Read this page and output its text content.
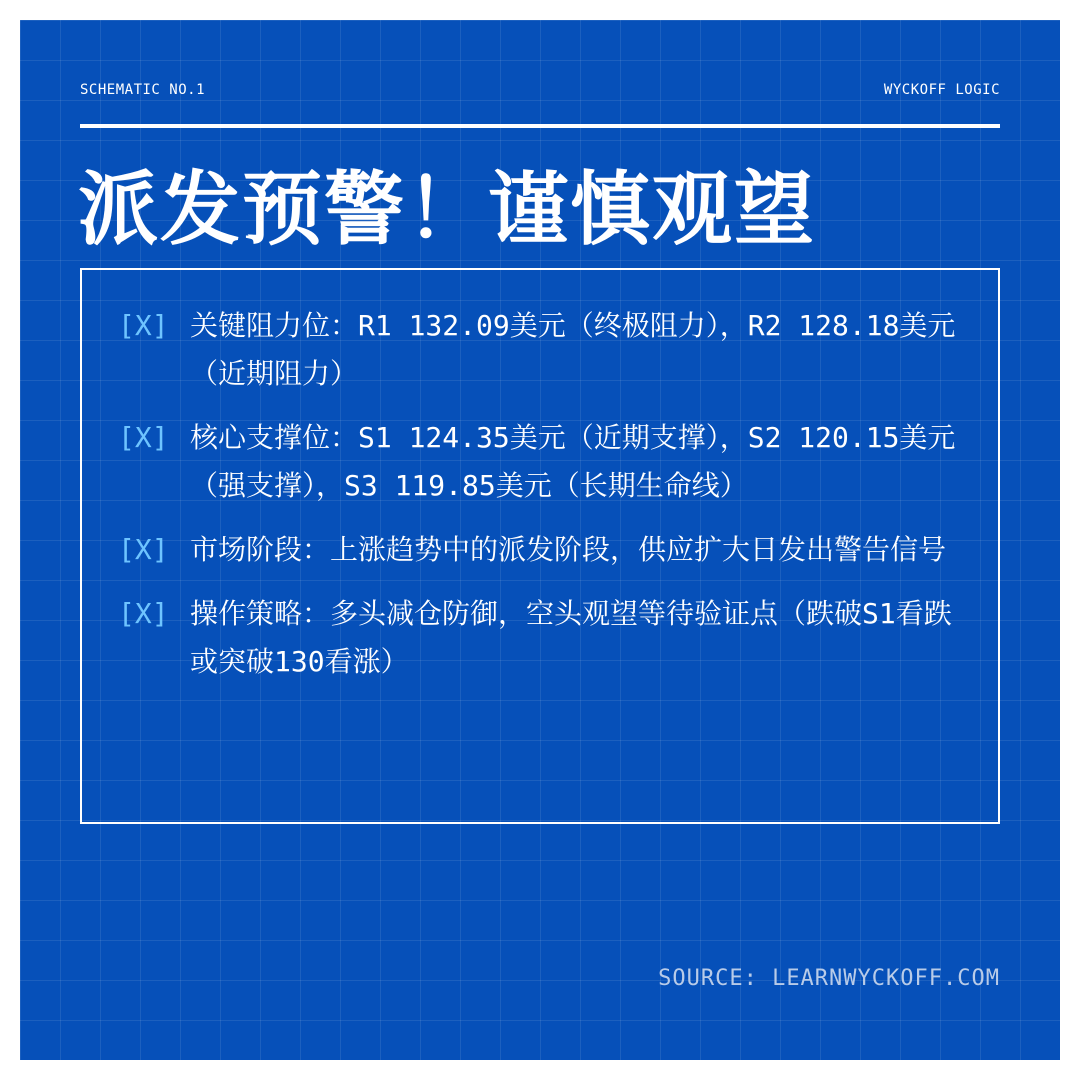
SCHEMATIC NO.1	WYCKOFF LOGIC
派发预警！谨慎观望
[X] 关键阻力位：R1 132.09美元（终极阻力），R2 128.18美元（近期阻力）
[X] 核心支撑位：S1 124.35美元（近期支撑），S2 120.15美元（强支撑），S3 119.85美元（长期生命线）
[X] 市场阶段：上涨趋势中的派发阶段，供应扩大日发出警告信号
[X] 操作策略：多头减仓防御，空头观望等待验证点（跌破S1看跌或突破130看涨）
SOURCE: LEARNWYCKOFF.COM
